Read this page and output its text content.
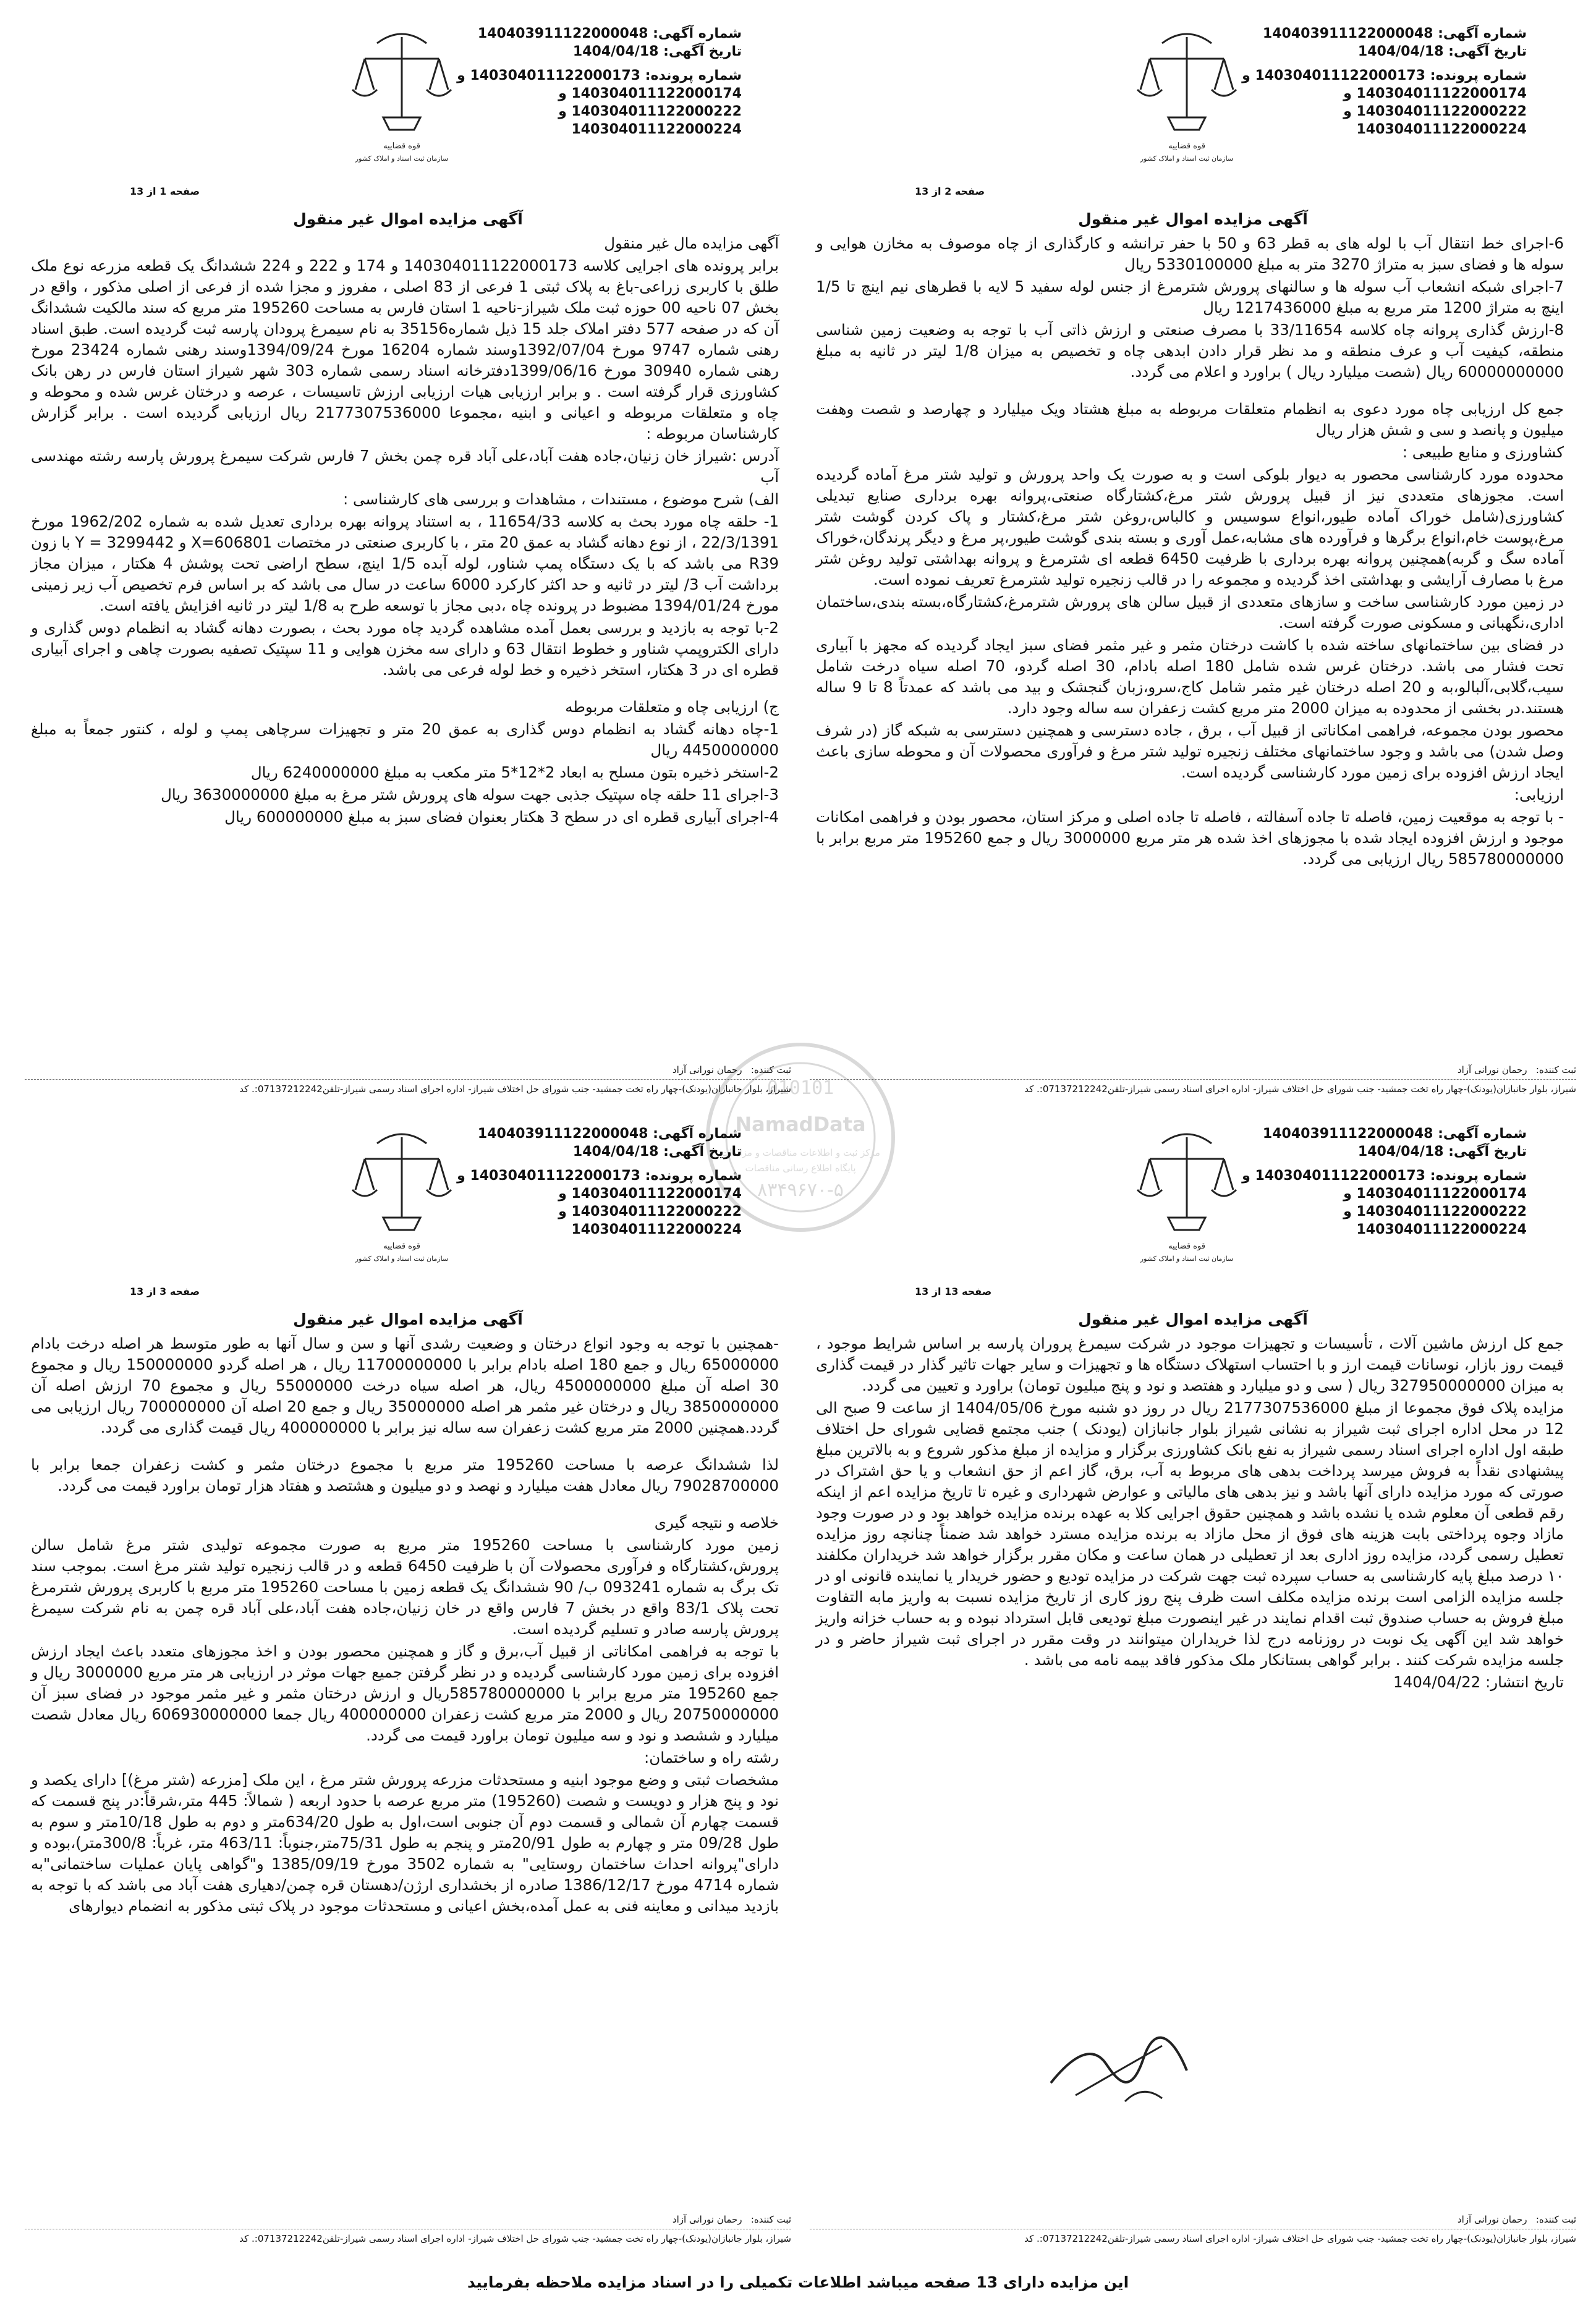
قوه قضاییه
سازمان ثبت اسناد و املاک کشور
شماره آگهی: 140403911122000048
تاریخ آگهی: 1404/04/18
شماره پرونده: 140304011122000173 و
140304011122000174 و
140304011122000222 و
140304011122000224
صفحه 1 از 13
آگهی مزایده اموال غیر منقول

آگهی مزایده مال غیر منقول

برابر پرونده های اجرایی کلاسه 140304011122000173 و 174 و 222 و 224 ششدانگ یک قطعه مزرعه نوع ملک طلق با کاربری زراعی-باغ به پلاک ثبتی 1 فرعی از 83 اصلی ، مفروز و مجزا شده از فرعی از اصلی مذکور ، واقع در بخش 07 ناحیه 00 حوزه ثبت ملک شیراز-ناحیه 1 استان فارس به مساحت 195260 متر مربع که سند مالکیت ششدانگ آن که در صفحه 577 دفتر املاک جلد 15 ذیل شماره35156 به نام سیمرغ پرودان پارسه ثبت گردیده است. طبق اسناد رهنی شماره 9747 مورخ 1392/07/04وسند شماره 16204 مورخ 1394/09/24وسند رهنی شماره 23424 مورخ رهنی شماره 30940 مورخ 1399/06/16دفترخانه اسناد رسمی شماره 303 شهر شیراز استان فارس در رهن بانک کشاورزی قرار گرفته است . و برابر ارزیابی هیات ارزیابی ارزش تاسیسات ، عرصه و درختان غرس شده و محوطه و چاه و متعلقات مربوطه و اعیانی و ابنیه ،مجموعا 2177307536000 ریال ارزیابی گردیده است . برابر گزارش کارشناسان مربوطه :

آدرس :شیراز خان زنیان،جاده هفت آباد،علی آباد قره چمن بخش 7 فارس شرکت سیمرغ پرورش پارسه رشته مهندسی آب

الف) شرح موضوع ، مستندات ، مشاهدات و بررسی های کارشناسی :

1- حلقه چاه مورد بحث به کلاسه 11654/33 ، به استناد پروانه بهره برداری تعدیل شده به شماره 1962/202 مورخ 22/3/1391 ، از نوع دهانه گشاد به عمق 20 متر ، با کاربری صنعتی در مختصات X=606801 و Y = 3299442 با زون R39 می باشد که با یک دستگاه پمپ شناور، لوله آبده 1/5 اینچ، سطح اراضی تحت پوشش 4 هکتار ، میزان مجاز برداشت آب 3/ لیتر در ثانیه و حد اکثر کارکرد 6000 ساعت در سال می باشد که بر اساس فرم تخصیص آب زیر زمینی مورخ 1394/01/24 مضبوط در پرونده چاه ،دبی مجاز با توسعه طرح به 1/8 لیتر در ثانیه افزایش یافته است.

2-با توجه به بازدید و بررسی بعمل آمده مشاهده گردید چاه مورد بحث ، بصورت دهانه گشاد به انظمام دوس گذاری و دارای الکتروپمپ شناور و خطوط انتقال 63 و دارای سه مخزن هوایی و 11 سپتیک تصفیه بصورت چاهی و اجرای آبیاری قطره ای در 3 هکتار، استخر ذخیره و خط لوله فرعی می باشد.

ج) ارزیابی چاه و متعلقات مربوطه

1-چاه دهانه گشاد به انظمام دوس گذاری به عمق 20 متر و تجهیزات سرچاهی پمپ و لوله ، کنتور جمعاً به مبلغ 4450000000 ریال

2-استخر ذخیره بتون مسلح به ابعاد 2*12*5 متر مکعب به مبلغ 6240000000 ریال

3-اجرای 11 حلقه چاه سپتیک جذبی جهت سوله های پرورش شتر مرغ به مبلغ 3630000000 ریال

4-اجرای آبیاری قطره ای در سطح 3 هکتار بعنوان فضای سبز به مبلغ 600000000 ریال

ثبت کننده:   رحمان نورانی آزاد
شیراز، بلوار جانبازان(یودنک)-چهار راه تخت جمشید- جنب شورای حل اختلاف شیراز- اداره اجرای اسناد رسمی شیراز-تلفن07137212242:. کد
قوه قضاییه
سازمان ثبت اسناد و املاک کشور
شماره آگهی: 140403911122000048
تاریخ آگهی: 1404/04/18
شماره پرونده: 140304011122000173 و
140304011122000174 و
140304011122000222 و
140304011122000224
صفحه 2 از 13
آگهی مزایده اموال غیر منقول

6-اجرای خط انتقال آب با لوله های به قطر 63 و 50 با حفر ترانشه و کارگذاری از چاه موصوف به مخازن هوایی و سوله ها و فضای سبز به متراژ 3270 متر به مبلغ 5330100000 ریال

7-اجرای شبکه انشعاب آب سوله ها و سالنهای پرورش شترمرغ از جنس لوله سفید 5 لایه با قطرهای نیم اینچ تا 1/5 اینچ به متراژ 1200 متر مربع به مبلغ 1217436000 ریال

8-ارزش گذاری پروانه چاه کلاسه 33/11654 با مصرف صنعتی و ارزش ذاتی آب با توجه به وضعیت زمین شناسی منطقه، کیفیت آب و عرف منطقه و مد نظر قرار دادن ابدهی چاه و تخصیص به میزان 1/8 لیتر در ثانیه به مبلغ 60000000000 ریال (شصت میلیارد ریال ) براورد و اعلام می گردد.

جمع کل ارزیابی چاه مورد دعوی به انظمام متعلقات مربوطه به مبلغ هشتاد ویک میلیارد و چهارصد و شصت وهفت میلیون و پانصد و سی و شش هزار ریال

کشاورزی و منابع طبیعی :

محدوده مورد کارشناسی محصور به دیوار بلوکی است و به صورت یک واحد پرورش و تولید شتر مرغ آماده گردیده است. مجوزهای متعددی نیز از قبیل پرورش شتر مرغ،کشتارگاه صنعتی،پروانه بهره برداری صنایع تبدیلی کشاورزی(شامل خوراک آماده طیور،انواع سوسیس و کالباس،روغن شتر مرغ،کشتار و پاک کردن گوشت شتر مرغ،پوست خام،انواع برگرها و فرآورده های مشابه،عمل آوری و بسته بندی گوشت طیور،پر مرغ و دیگر پرندگان،خوراک آماده سگ و گربه)همچنین پروانه بهره برداری با ظرفیت 6450 قطعه ای شترمرغ و پروانه بهداشتی تولید روغن شتر مرغ با مصارف آرایشی و بهداشتی اخذ گردیده و مجموعه را در قالب زنجیره تولید شترمرغ تعریف نموده است.

در زمین مورد کارشناسی ساخت و سازهای متعددی از قبیل سالن های پرورش شترمرغ،کشتارگاه،بسته بندی،ساختمان اداری،نگهبانی و مسکونی صورت گرفته است.

در فضای بین ساختمانهای ساخته شده با کاشت درختان مثمر و غیر مثمر فضای سبز ایجاد گردیده که مجهز با آبیاری تحت فشار می باشد. درختان غرس شده شامل 180 اصله بادام، 30 اصله گردو، 70 اصله سیاه درخت شامل سیب،گلابی،آلبالو،به و 20 اصله درختان غیر مثمر شامل کاج،سرو،زبان گنجشک و بید می باشد که عمدتاً 8 تا 9 ساله هستند.در بخشی از محدوده به میزان 2000 متر مربع کشت زعفران سه ساله وجود دارد.

محصور بودن مجموعه، فراهمی امکاناتی از قبیل آب ، برق ، جاده دسترسی و همچنین دسترسی به شبکه گاز (در شرف وصل شدن) می باشد و وجود ساختمانهای مختلف زنجیره تولید شتر مرغ و فرآوری محصولات آن و محوطه سازی باعث ایجاد ارزش افزوده برای زمین مورد کارشناسی گردیده است.

ارزیابی:

- با توجه به موقعیت زمین، فاصله تا جاده آسفالته ، فاصله تا جاده اصلی و مرکز استان، محصور بودن و فراهمی امکانات موجود و ارزش افزوده ایجاد شده با مجوزهای اخذ شده هر متر مربع 3000000 ریال و جمع 195260 متر مربع برابر با 585780000000 ریال ارزیابی می گردد.

ثبت کننده:   رحمان نورانی آزاد
شیراز، بلوار جانبازان(یودنک)-چهار راه تخت جمشید- جنب شورای حل اختلاف شیراز- اداره اجرای اسناد رسمی شیراز-تلفن07137212242:. کد
قوه قضاییه
سازمان ثبت اسناد و املاک کشور
شماره آگهی: 140403911122000048
تاریخ آگهی: 1404/04/18
شماره پرونده: 140304011122000173 و
140304011122000174 و
140304011122000222 و
140304011122000224
صفحه 3 از 13
آگهی مزایده اموال غیر منقول

-همچنین با توجه به وجود انواع درختان و وضعیت رشدی آنها و سن و سال آنها به طور متوسط هر اصله درخت بادام 65000000 ریال و جمع 180 اصله بادام برابر با 11700000000 ریال ، هر اصله گردو 150000000 ریال و مجموع 30 اصله آن مبلغ 4500000000 ریال، هر اصله سیاه درخت 55000000 ریال و مجموع 70 ارزش اصله آن 3850000000 ریال و درختان غیر مثمر هر اصله 35000000 ریال و جمع 20 اصله آن 700000000 ریال ارزیابی می گردد.همچنین 2000 متر مربع کشت زعفران سه ساله نیز برابر با 400000000 ریال قیمت گذاری می گردد.

لذا ششدانگ عرصه با مساحت 195260 متر مربع با مجموع درختان مثمر و کشت زعفران جمعا برابر با 79028700000 ریال معادل هفت میلیارد و نهصد و دو میلیون و هشتصد و هفتاد هزار تومان براورد قیمت می گردد.

خلاصه و نتیجه گیری

زمین مورد کارشناسی با مساحت 195260 متر مربع به صورت مجموعه تولیدی شتر مرغ شامل سالن پرورش،کشتارگاه و فرآوری محصولات آن با ظرفیت 6450 قطعه و در قالب زنجیره تولید شتر مرغ است. بموجب سند تک برگ به شماره 093241 ب/ 90 ششدانگ یک قطعه زمین با مساحت 195260 متر مربع با کاربری پرورش شترمرغ تحت پلاک 83/1 واقع در بخش 7 فارس واقع در خان زنیان،جاده هفت آباد،علی آباد قره چمن به نام شرکت سیمرغ پرورش پارسه صادر و تسلیم گردیده است.

با توجه به فراهمی امکاناتی از قبیل آب،برق و گاز و همچنین محصور بودن و اخذ مجوزهای متعدد باعث ایجاد ارزش افزوده برای زمین مورد کارشناسی گردیده و در نظر گرفتن جمیع جهات موثر در ارزیابی هر متر مربع 3000000 ریال و جمع 195260 متر مربع برابر با 585780000000ریال و ارزش درختان مثمر و غیر مثمر موجود در فضای سبز آن 20750000000 ریال و 2000 متر مربع کشت زعفران 400000000 ریال جمعا 606930000000 ریال معادل شصت میلیارد و ششصد و نود و سه میلیون تومان براورد قیمت می گردد.

رشته راه و ساختمان:

مشخصات ثبتی و وضع موجود ابنیه و مستحدثات مزرعه پرورش شتر مرغ ، این ملک [مزرعه (شتر مرغ)] دارای یکصد و نود و پنج هزار و دویست و شصت (195260) متر مربع عرصه با حدود اربعه ( شمالاً: 445 متر،شرقاً:در پنج قسمت که قسمت چهارم آن شمالی و قسمت دوم آن جنوبی است،اول به طول 634/20متر و دوم به طول 10/18متر و سوم به طول 09/28 متر و چهارم به طول 20/91متر و پنجم به طول 75/31متر،جنوباً: 463/11 متر، غرباً: 300/8متر)،بوده و دارای"پروانه احداث ساختمان روستایی" به شماره 3502 مورخ 1385/09/19 و"گواهی پایان عملیات ساختمانی"به شماره 4714 مورخ 1386/12/17 صادره از بخشداری ارژن/دهستان قره چمن/دهیاری هفت آباد می باشد که با توجه به بازدید میدانی و معاینه فنی به عمل آمده،بخش اعیانی و مستحدثات موجود در پلاک ثبتی مذکور به انضمام دیوارهای

ثبت کننده:   رحمان نورانی آزاد
شیراز، بلوار جانبازان(یودنک)-چهار راه تخت جمشید- جنب شورای حل اختلاف شیراز- اداره اجرای اسناد رسمی شیراز-تلفن07137212242:. کد
قوه قضاییه
سازمان ثبت اسناد و املاک کشور
شماره آگهی: 140403911122000048
تاریخ آگهی: 1404/04/18
شماره پرونده: 140304011122000173 و
140304011122000174 و
140304011122000222 و
140304011122000224
صفحه 13 از 13
آگهی مزایده اموال غیر منقول

جمع کل ارزش ماشین آلات ، تأسیسات و تجهیزات موجود در شرکت سیمرغ پروران پارسه بر اساس شرایط موجود ، قیمت روز بازار، نوسانات قیمت ارز و با احتساب استهلاک دستگاه ها و تجهیزات و سایر جهات تاثیر گذار در قیمت گذاری به میزان 327950000000 ریال ( سی و دو میلیارد و هفتصد و نود و پنج میلیون تومان) براورد و تعیین می گردد.

مزایده پلاک فوق مجموعا از مبلغ 2177307536000 ریال در روز دو شنبه مورخ 1404/05/06 از ساعت 9 صبح الی 12 در محل اداره اجرای ثبت شیراز به نشانی شیراز بلوار جانبازان (یودنک ) جنب مجتمع قضایی شورای حل اختلاف طبقه اول اداره اجرای اسناد رسمی شیراز به نفع بانک کشاورزی برگزار و مزایده از مبلغ مذکور شروع و به بالاترین مبلغ پیشنهادی نقداً به فروش میرسد پرداخت بدهی های مربوط به آب، برق، گاز اعم از حق انشعاب و یا حق اشتراک در صورتی که مورد مزایده دارای آنها باشد و نیز بدهی های مالیاتی و عوارض شهرداری و غیره تا تاریخ مزایده اعم از اینکه رقم قطعی آن معلوم شده یا نشده باشد و همچنین حقوق اجرایی کلا به عهده برنده مزایده خواهد بود و در صورت وجود مازاد وجوه پرداختی بابت هزینه های فوق از محل مازاد به برنده مزایده مسترد خواهد شد ضمناً چنانچه روز مزایده تعطیل رسمی گردد، مزایده روز اداری بعد از تعطیلی در همان ساعت و مکان مقرر برگزار خواهد شد خریداران مکلفند ۱۰ درصد مبلغ پایه کارشناسی به حساب سپرده ثبت جهت شرکت در مزایده تودیع و حضور خریدار یا نماینده قانونی او در جلسه مزایده الزامی است برنده مزایده مکلف است ظرف پنج روز کاری از تاریخ مزایده نسبت به واریز مابه التفاوت مبلغ فروش به حساب صندوق ثبت اقدام نمایند در غیر اینصورت مبلغ تودیعی قابل استرداد نبوده و به حساب خزانه واریز خواهد شد این آگهی یک نوبت در روزنامه درج لذا خریداران میتوانند در وقت مقرر در اجرای ثبت شیراز حاضر و در جلسه مزایده شرکت کنند . برابر گواهی بستانکار ملک مذکور فاقد بیمه نامه می باشد .

تاریخ انتشار: 1404/04/22

ثبت کننده:   رحمان نورانی آزاد
شیراز، بلوار جانبازان(یودنک)-چهار راه تخت جمشید- جنب شورای حل اختلاف شیراز- اداره اجرای اسناد رسمی شیراز-تلفن07137212242:. کد
010101
NamadData
مرکز ثبت و اطلاعات مناقصات و مزایدات
پایگاه اطلاع رسانی مناقصات
۸۳۴۹۶۷۰-۵
این مزایده دارای 13 صفحه میباشد اطلاعات تکمیلی را در اسناد مزایده ملاحظه بفرمایید
